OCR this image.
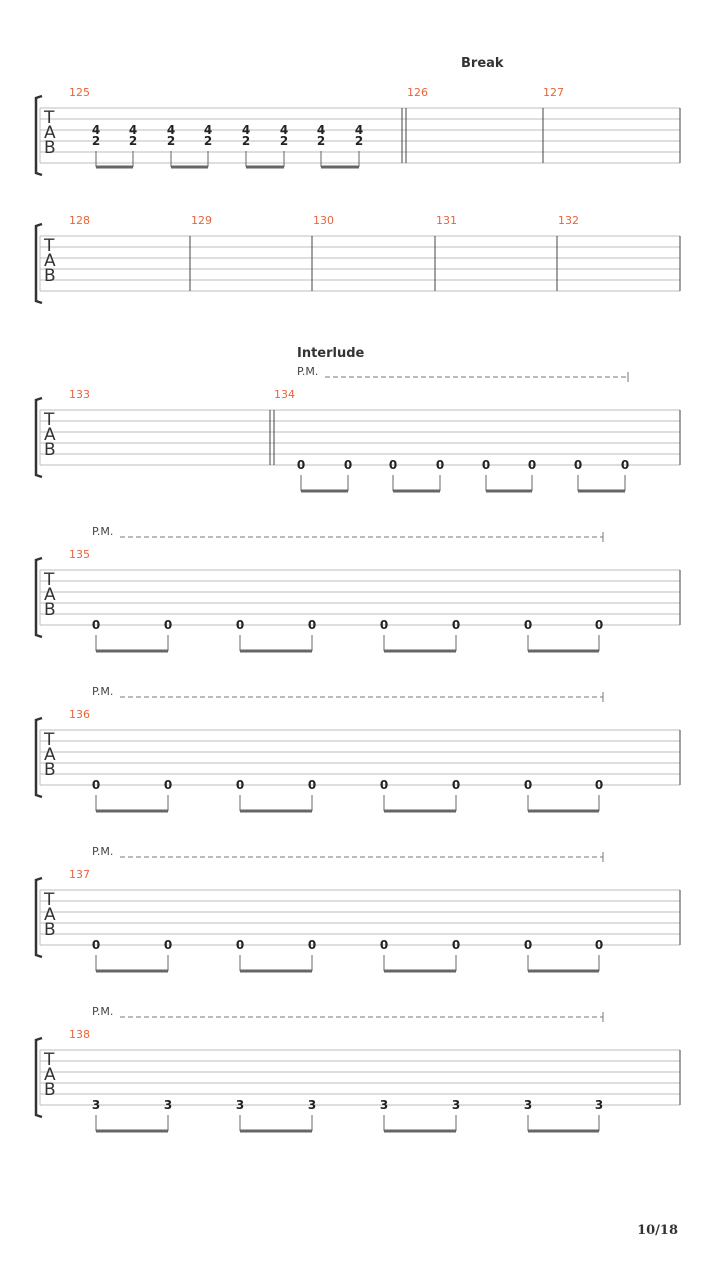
T
A
B
Break
125
4
2
4
2
4
2
4
2
4
2
4
2
4
2
4
2
126	127
T
A
B
128	129	130	131	132
T
A
B
Interlude
P.M.
133	134
0	0	0	0	0	0	0	0
T
A
B
P.M.
135
0	0	0	0	0	0	0	0
T
A
B
P.M.
136
0	0	0	0	0	0	0	0
T
A
B
P.M.
137
0	0	0	0	0	0	0	0
T
A
B
P.M.
138
3	3	3	3	3	3	3	3
10/18
